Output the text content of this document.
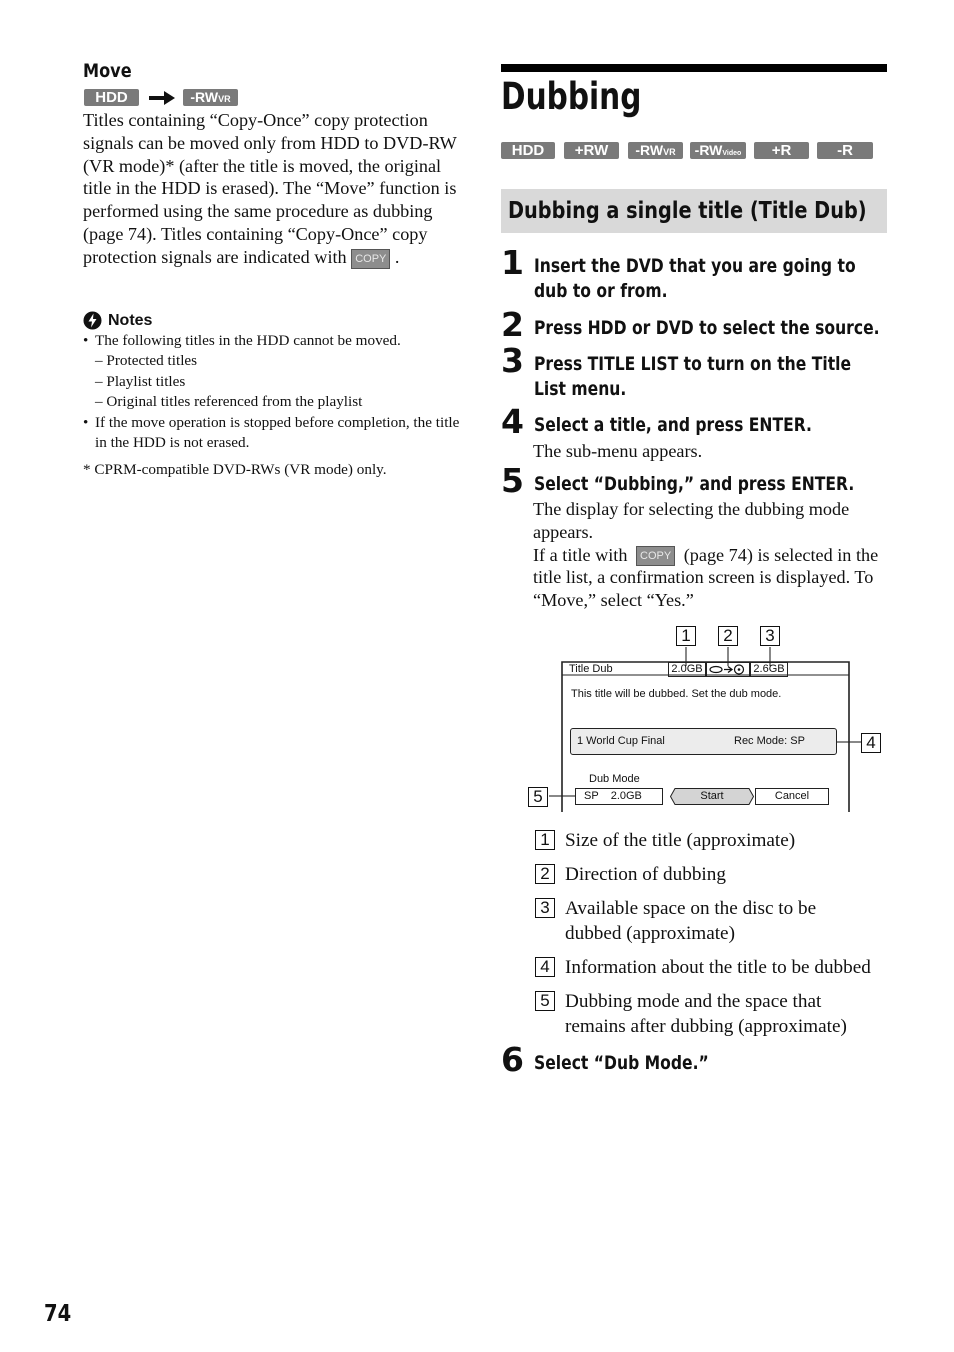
Move
HDD	-RWVR
Titles containing “Copy-Once” copy protection signals can be moved only from HDD to DVD-RW (VR mode)* (after the title is moved, the original title in the HDD is erased). The “Move” function is performed using the same procedure as dubbing (page 74). Titles containing “Copy-Once” copy protection signals are indicated with COPY .
Notes
• The following titles in the HDD cannot be moved.
– Protected titles
– Playlist titles
– Original titles referenced from the playlist
• If the move operation is stopped before completion, the title in the HDD is not erased.
* CPRM-compatible DVD-RWs (VR mode) only.
Dubbing
HDD	+RW	-RWVR	-RWVideo	+R	-R
Dubbing a single title (Title Dub)
1 Insert the DVD that you are going to dub to or from.
2 Press HDD or DVD to select the source.
3 Press TITLE LIST to turn on the Title List menu.
4 Select a title, and press ENTER.
The sub-menu appears.
5 Select “Dubbing,” and press ENTER.
The display for selecting the dubbing mode appears.
If a title with COPY (page 74) is selected in the title list, a confirmation screen is displayed. To “Move,” select “Yes.”
1	2	3
4
5
Title Dub	2.0GB	2.6GB
This title will be dubbed. Set the dub mode.
1 World Cup Final	Rec Mode: SP
Dub Mode
SP    2.0GB	Start	Cancel
1 Size of the title (approximate)
2 Direction of dubbing
3 Available space on the disc to be dubbed (approximate)
4 Information about the title to be dubbed
5 Dubbing mode and the space that remains after dubbing (approximate)
6 Select “Dub Mode.”
74
